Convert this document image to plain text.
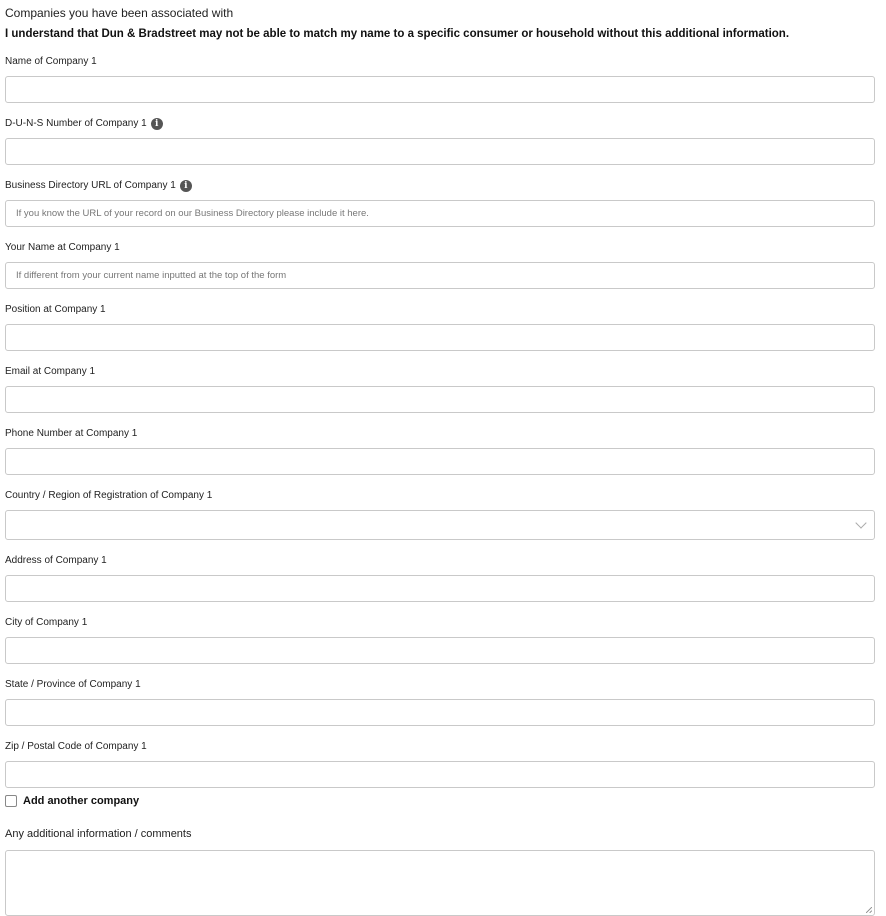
Companies you have been associated with
I understand that Dun & Bradstreet may not be able to match my name to a specific consumer or household without this additional information.
Name of Company 1
D-U-N-S Number of Company 1 i
Business Directory URL of Company 1 i
If you know the URL of your record on our Business Directory please include it here.
Your Name at Company 1
If different from your current name inputted at the top of the form
Position at Company 1
Email at Company 1
Phone Number at Company 1
Country / Region of Registration of Company 1
Address of Company 1
City of Company 1
State / Province of Company 1
Zip / Postal Code of Company 1
Add another company
Any additional information / comments
